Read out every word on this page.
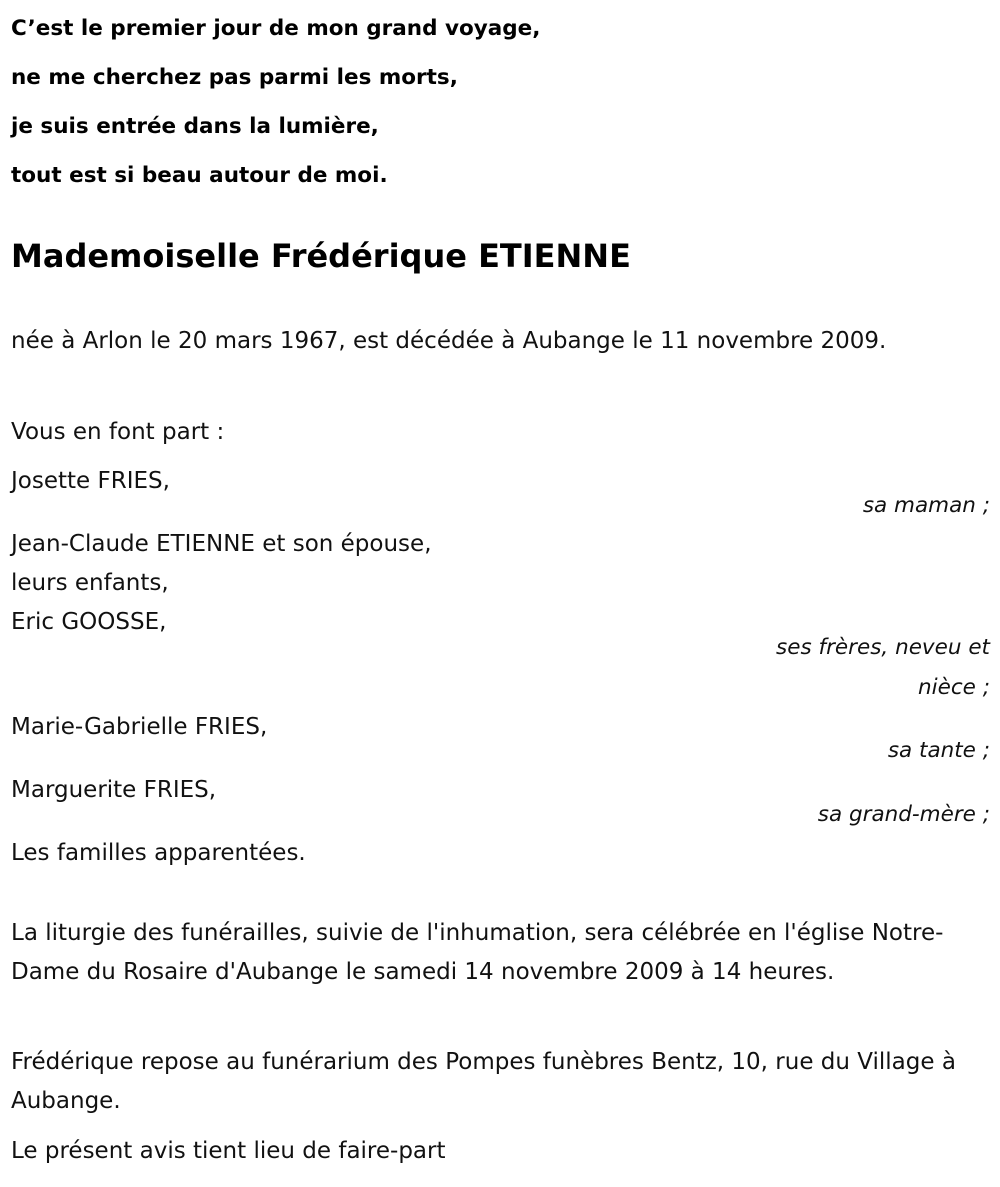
C’est le premier jour de mon grand voyage,
ne me cherchez pas parmi les morts,
je suis entrée dans la lumière,
tout est si beau autour de moi.
Mademoiselle Frédérique ETIENNE
née à Arlon le 20 mars 1967, est décédée à Aubange le 11 novembre 2009.
Vous en font part :
Josette FRIES,
sa maman ;
Jean-Claude ETIENNE et son épouse,
leurs enfants,
Eric GOOSSE,
ses frères, neveu et nièce ;
Marie-Gabrielle FRIES,
sa tante ;
Marguerite FRIES,
sa grand-mère ;
Les familles apparentées.
La liturgie des funérailles, suivie de l'inhumation, sera célébrée en l'église Notre-Dame du Rosaire d'Aubange le samedi 14 novembre 2009 à 14 heures.
Frédérique repose au funérarium des Pompes funèbres Bentz, 10, rue du Village à Aubange.
Le présent avis tient lieu de faire-part
